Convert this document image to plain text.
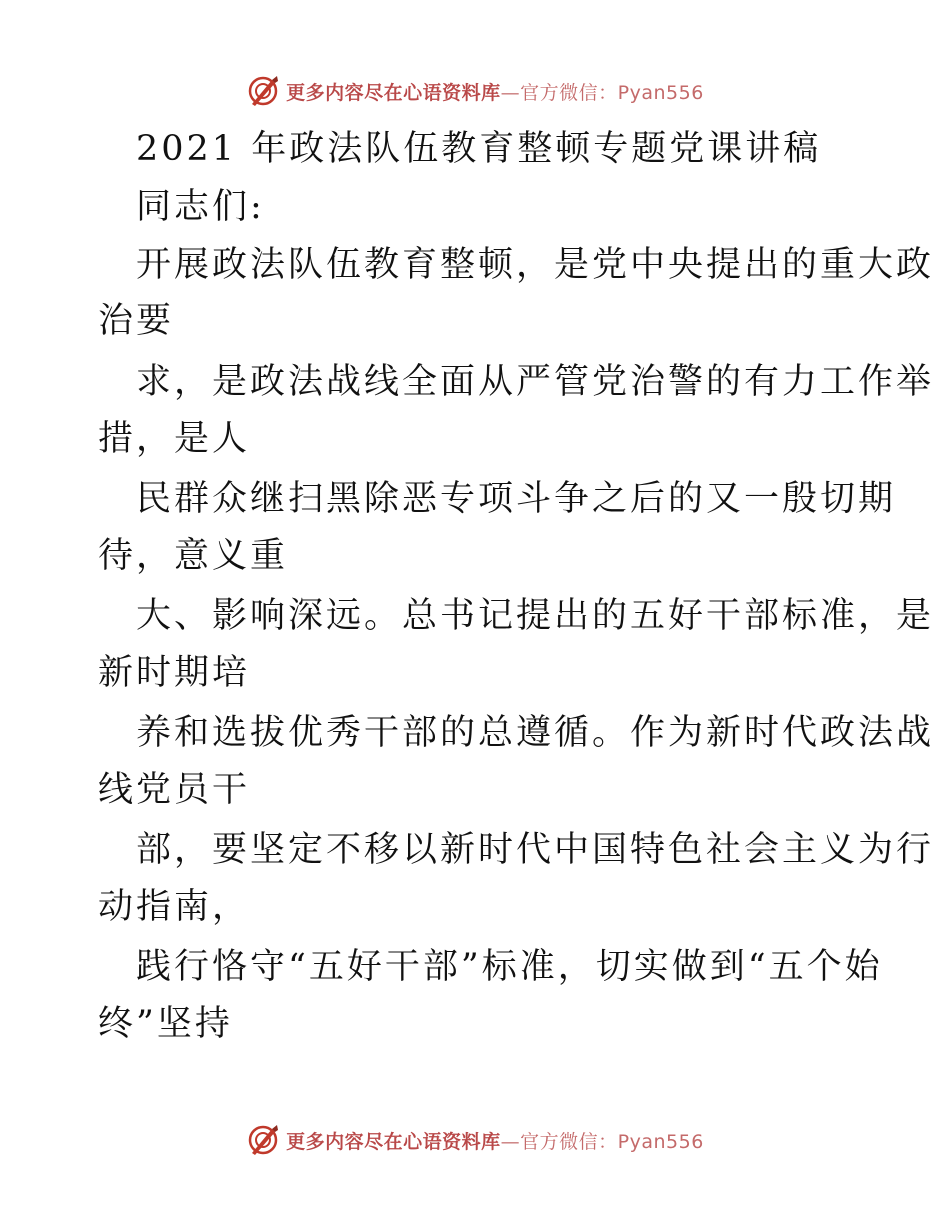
更多内容尽在心语资料库—官方微信：Pyan556
2021 年政法队伍教育整顿专题党课讲稿
同志们:
开展政法队伍教育整顿，是党中央提出的重大政
治要
求，是政法战线全面从严管党治警的有力工作举
措，是人
民群众继扫黑除恶专项斗争之后的又一殷切期
待，意义重
大、影响深远。总书记提出的五好干部标准，是
新时期培
养和选拔优秀干部的总遵循。作为新时代政法战
线党员干
部，要坚定不移以新时代中国特色社会主义为行
动指南，
践行恪守“五好干部”标准，切实做到“五个始
终”坚持
更多内容尽在心语资料库—官方微信：Pyan556
